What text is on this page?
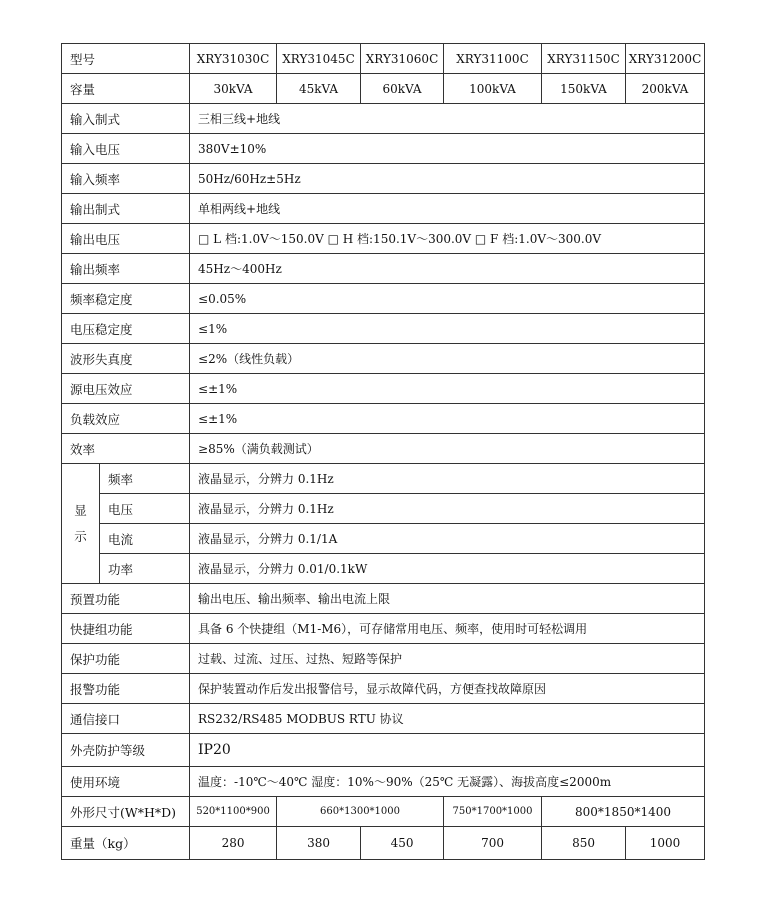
型号		XRY31030C	XRY31045C	XRY31060C	XRY31100C	XRY31150C	XRY31200C
容量		30kVA	45kVA	60kVA	100kVA	150kVA	200kVA
输入制式		三相三线+地线					
输入电压		380V±10%					
输入频率		50Hz/60Hz±5Hz					
输出制式		单相两线+地线					
输出电压		□ L 档:1.0V～150.0V □ H 档:150.1V～300.0V □ F 档:1.0V～300.0V					
输出频率		45Hz～400Hz					
频率稳定度		≤0.05%					
电压稳定度		≤1%					
波形失真度		≤2%（线性负载）					
源电压效应		≤±1%					
负载效应		≤±1%					
效率		≥85%（满负载测试）					
显示	频率	液晶显示，分辨力 0.1Hz					
	电压	液晶显示，分辨力 0.1Hz					
	电流	液晶显示，分辨力 0.1/1A					
	功率	液晶显示，分辨力 0.01/0.1kW					
预置功能		输出电压、输出频率、输出电流上限					
快捷组功能		具备 6 个快捷组（M1-M6），可存储常用电压、频率，使用时可轻松调用					
保护功能		过载、过流、过压、过热、短路等保护					
报警功能		保护装置动作后发出报警信号，显示故障代码，方便查找故障原因					
通信接口		RS232/RS485 MODBUS RTU 协议					
外壳防护等级		IP20					
使用环境		温度：-10℃～40℃ 湿度：10%～90%（25℃ 无凝露）、海拔高度≤2000m					
外形尺寸(W*H*D)		520*1100*900	660*1300*1000		750*1700*1000	800*1850*1400	
重量（kg）		280	380	450	700	850	1000
